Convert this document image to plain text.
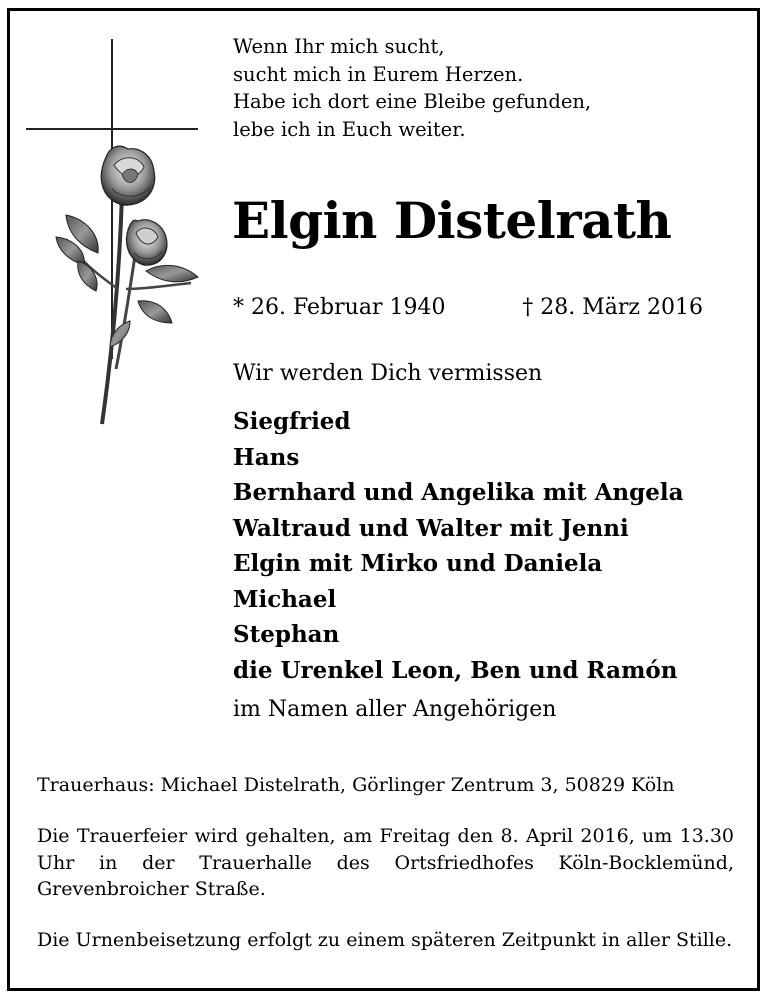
Wenn Ihr mich sucht,
sucht mich in Eurem Herzen.
Habe ich dort eine Bleibe gefunden,
lebe ich in Euch weiter.
Elgin Distelrath
* 26. Februar 1940	† 28. März 2016
Wir werden Dich vermissen
Siegfried
Hans
Bernhard und Angelika mit Angela
Waltraud und Walter mit Jenni
Elgin mit Mirko und Daniela
Michael
Stephan
die Urenkel Leon, Ben und Ramón
im Namen aller Angehörigen
Trauerhaus: Michael Distelrath, Görlinger Zentrum 3, 50829 Köln
Die Trauerfeier wird gehalten, am Freitag den 8. April 2016, um 13.30 Uhr in der Trauerhalle des Ortsfriedhofes Köln-Bocklemünd, Grevenbroicher Straße.
Die Urnenbeisetzung erfolgt zu einem späteren Zeitpunkt in aller Stille.
